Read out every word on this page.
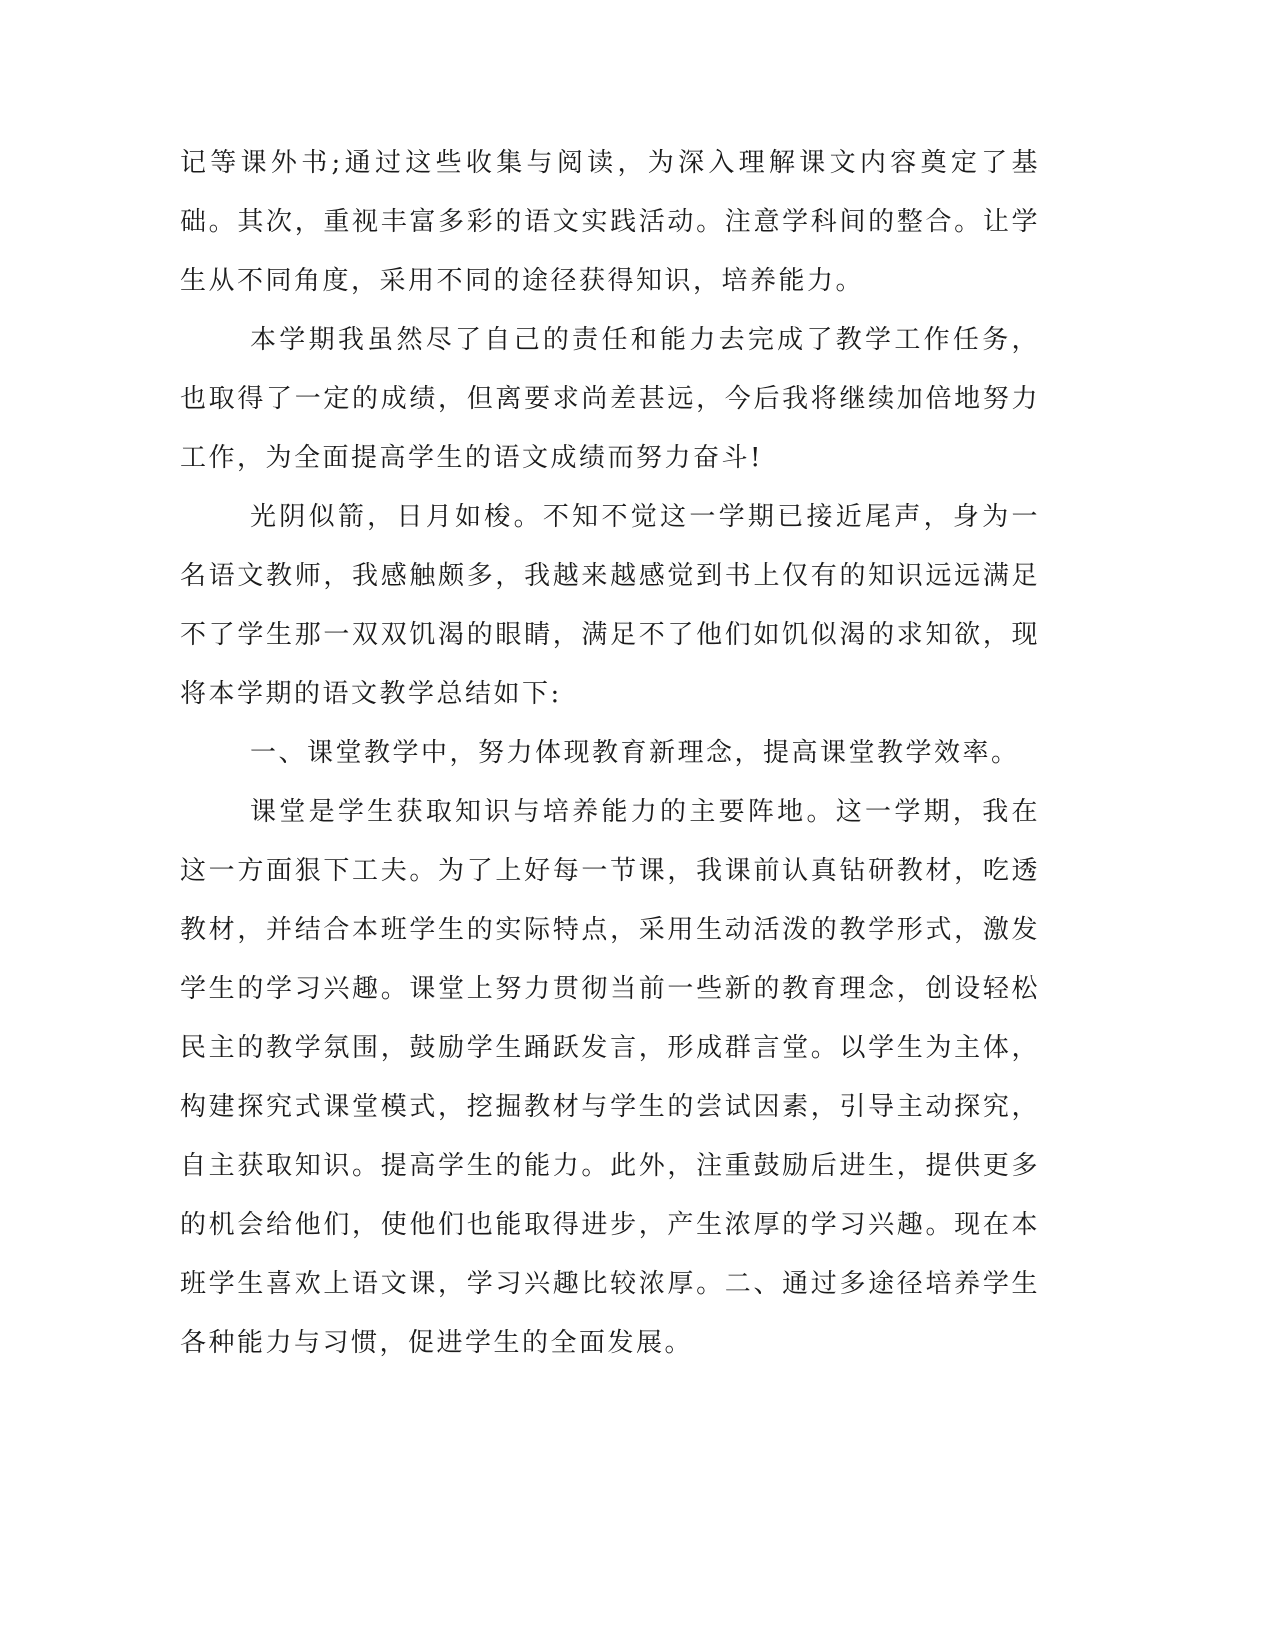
记等课外书;通过这些收集与阅读，为深入理解课文内容奠定了基础。其次，重视丰富多彩的语文实践活动。注意学科间的整合。让学生从不同角度，采用不同的途径获得知识，培养能力。

本学期我虽然尽了自己的责任和能力去完成了教学工作任务，也取得了一定的成绩，但离要求尚差甚远，今后我将继续加倍地努力工作，为全面提高学生的语文成绩而努力奋斗!

光阴似箭，日月如梭。不知不觉这一学期已接近尾声，身为一名语文教师，我感触颇多，我越来越感觉到书上仅有的知识远远满足不了学生那一双双饥渴的眼睛，满足不了他们如饥似渴的求知欲，现将本学期的语文教学总结如下:

一、课堂教学中，努力体现教育新理念，提高课堂教学效率。

课堂是学生获取知识与培养能力的主要阵地。这一学期，我在这一方面狠下工夫。为了上好每一节课，我课前认真钻研教材，吃透教材，并结合本班学生的实际特点，采用生动活泼的教学形式，激发学生的学习兴趣。课堂上努力贯彻当前一些新的教育理念，创设轻松民主的教学氛围，鼓励学生踊跃发言，形成群言堂。以学生为主体，构建探究式课堂模式，挖掘教材与学生的尝试因素，引导主动探究，自主获取知识。提高学生的能力。此外，注重鼓励后进生，提供更多的机会给他们，使他们也能取得进步，产生浓厚的学习兴趣。现在本班学生喜欢上语文课，学习兴趣比较浓厚。二、通过多途径培养学生各种能力与习惯，促进学生的全面发展。
